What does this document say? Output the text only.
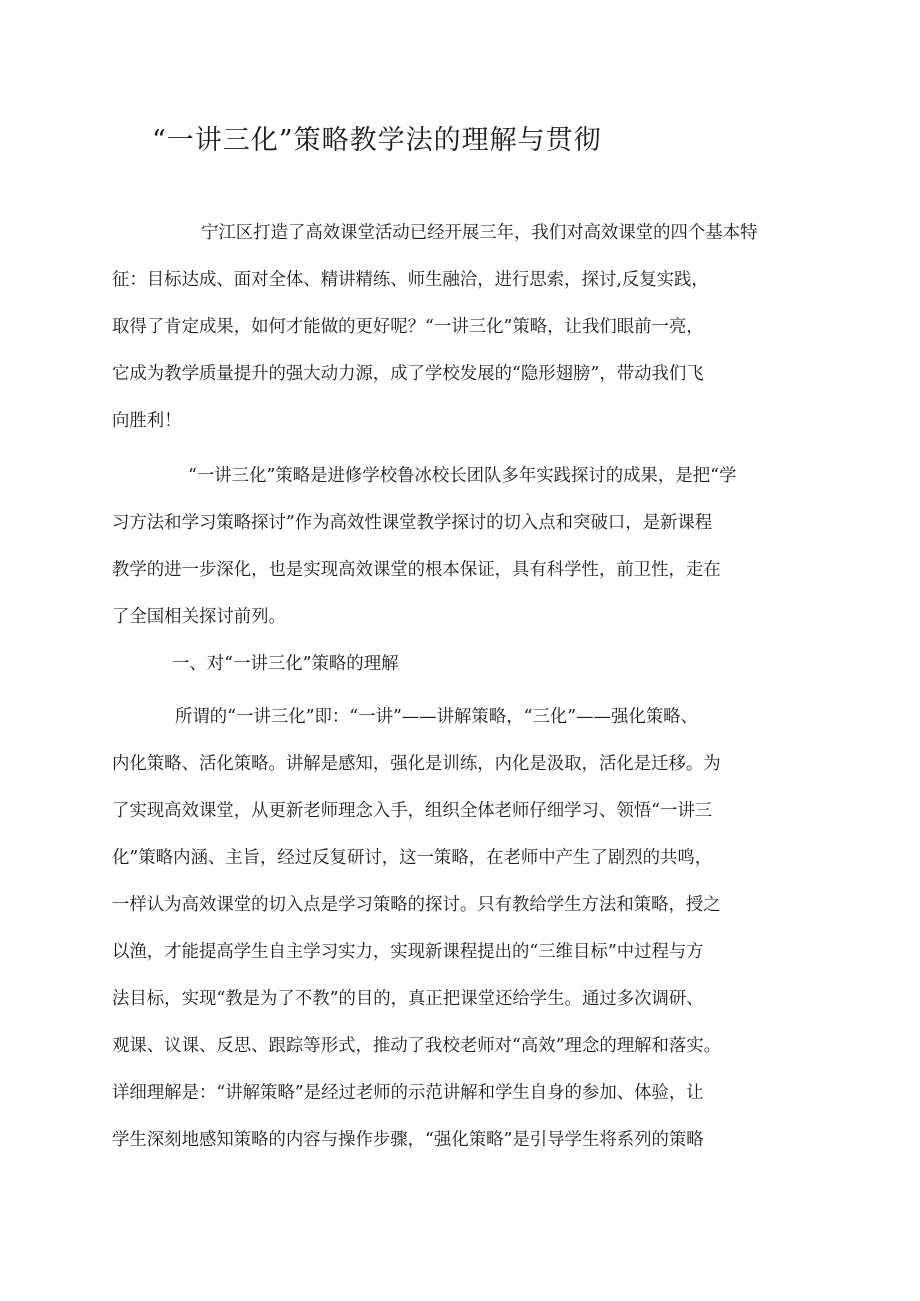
“一讲三化”策略教学法的理解与贯彻

宁江区打造了高效课堂活动已经开展三年，我们对高效课堂的四个基本特

征：目标达成、面对全体、精讲精练、师生融洽，进行思索，探讨,反复实践，

取得了肯定成果，如何才能做的更好呢？“一讲三化”策略，让我们眼前一亮，

它成为教学质量提升的强大动力源，成了学校发展的“隐形翅膀”，带动我们飞

向胜利！

“一讲三化”策略是进修学校鲁冰校长团队多年实践探讨的成果，是把“学

习方法和学习策略探讨”作为高效性课堂教学探讨的切入点和突破口，是新课程

教学的进一步深化，也是实现高效课堂的根本保证，具有科学性，前卫性，走在

了全国相关探讨前列。

一、对“一讲三化”策略的理解

所谓的“一讲三化”即：“一讲”——讲解策略，“三化”——强化策略、

内化策略、活化策略。讲解是感知，强化是训练，内化是汲取，活化是迁移。为

了实现高效课堂，从更新老师理念入手，组织全体老师仔细学习、领悟“一讲三

化”策略内涵、主旨，经过反复研讨，这一策略，在老师中产生了剧烈的共鸣，

一样认为高效课堂的切入点是学习策略的探讨。只有教给学生方法和策略，授之

以渔，才能提高学生自主学习实力，实现新课程提出的“三维目标”中过程与方

法目标，实现“教是为了不教”的目的，真正把课堂还给学生。通过多次调研、

观课、议课、反思、跟踪等形式，推动了我校老师对“高效”理念的理解和落实。

详细理解是：“讲解策略”是经过老师的示范讲解和学生自身的参加、体验，让

学生深刻地感知策略的内容与操作步骤，“强化策略”是引导学生将系列的策略
